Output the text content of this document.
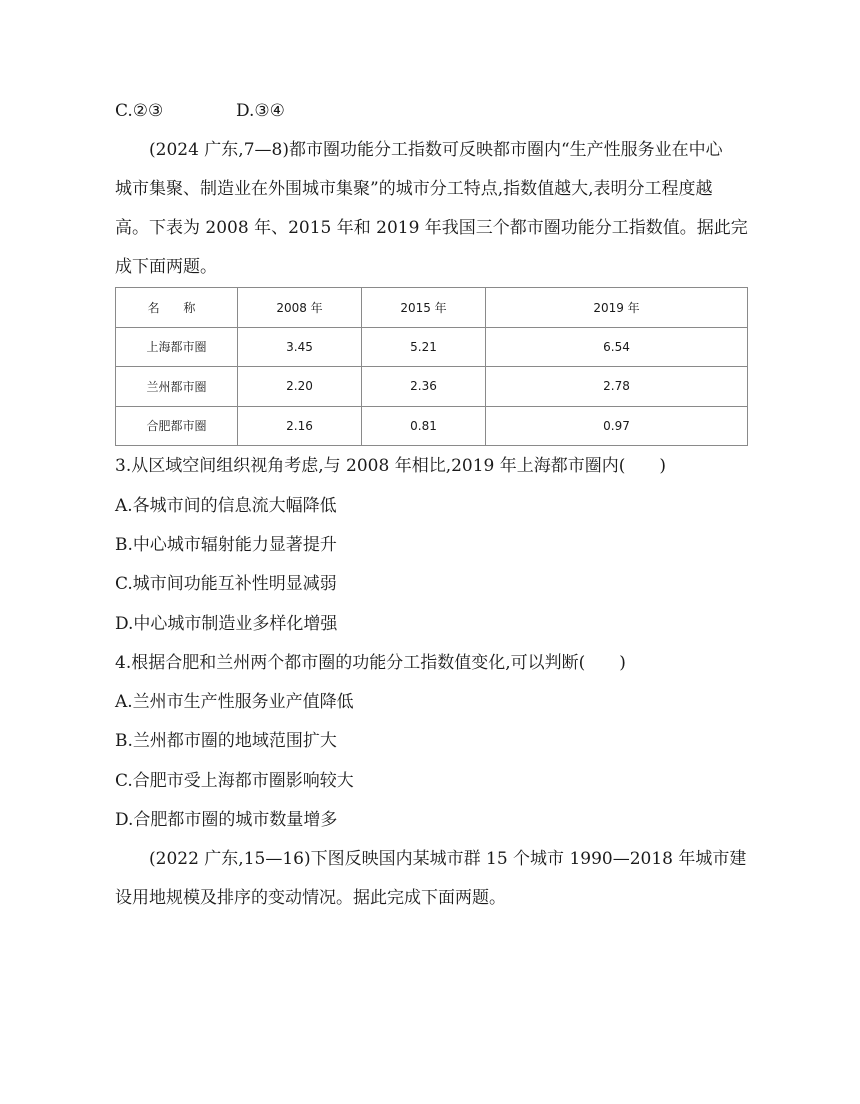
C.②③	D.③④
(2024 广东,7—8)都市圈功能分工指数可反映都市圈内“生产性服务业在中心
城市集聚、制造业在外围城市集聚”的城市分工特点,指数值越大,表明分工程度越
高。下表为 2008 年、2015 年和 2019 年我国三个都市圈功能分工指数值。据此完
成下面两题。
名 称	2008 年	2015 年	2019 年
上海都市圈	3.45	5.21	6.54
兰州都市圈	2.20	2.36	2.78
合肥都市圈	2.16	0.81	0.97
3.从区域空间组织视角考虑,与 2008 年相比,2019 年上海都市圈内(　　)
A.各城市间的信息流大幅降低
B.中心城市辐射能力显著提升
C.城市间功能互补性明显减弱
D.中心城市制造业多样化增强
4.根据合肥和兰州两个都市圈的功能分工指数值变化,可以判断(　　)
A.兰州市生产性服务业产值降低
B.兰州都市圈的地域范围扩大
C.合肥市受上海都市圈影响较大
D.合肥都市圈的城市数量增多
(2022 广东,15—16)下图反映国内某城市群 15 个城市 1990—2018 年城市建
设用地规模及排序的变动情况。据此完成下面两题。
